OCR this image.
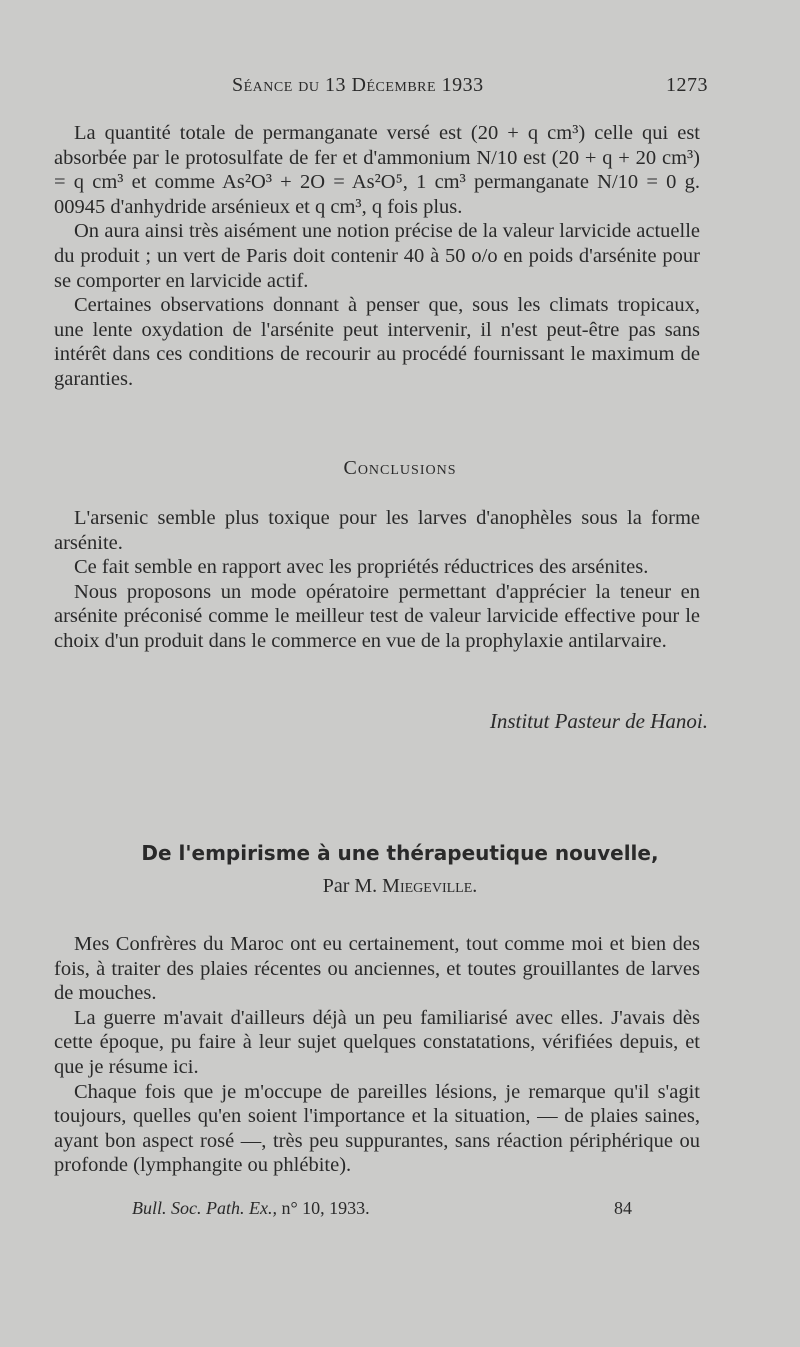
Séance du 13 Décembre 1933	1273

La quantité totale de permanganate versé est (20 + q cm³) celle qui est absorbée par le protosulfate de fer et d'ammonium N/10 est (20 + q + 20 cm³) = q cm³ et comme As²O³ + 2O = As²O⁵, 1 cm³ permanganate N/10 = 0 g. 00945 d'anhydride arsénieux et q cm³, q fois plus.

On aura ainsi très aisément une notion précise de la valeur larvicide actuelle du produit ; un vert de Paris doit contenir 40 à 50 o/o en poids d'arsénite pour se comporter en larvicide actif.

Certaines observations donnant à penser que, sous les climats tropicaux, une lente oxydation de l'arsénite peut intervenir, il n'est peut-être pas sans intérêt dans ces conditions de recourir au procédé fournissant le maximum de garanties.

Conclusions

L'arsenic semble plus toxique pour les larves d'anophèles sous la forme arsénite.

Ce fait semble en rapport avec les propriétés réductrices des arsénites.

Nous proposons un mode opératoire permettant d'apprécier la teneur en arsénite préconisé comme le meilleur test de valeur larvicide effective pour le choix d'un produit dans le commerce en vue de la prophylaxie antilarvaire.

Institut Pasteur de Hanoi.
De l'empirisme à une thérapeutique nouvelle,
Par M. Miegeville.

Mes Confrères du Maroc ont eu certainement, tout comme moi et bien des fois, à traiter des plaies récentes ou anciennes, et toutes grouillantes de larves de mouches.

La guerre m'avait d'ailleurs déjà un peu familiarisé avec elles. J'avais dès cette époque, pu faire à leur sujet quelques constatations, vérifiées depuis, et que je résume ici.

Chaque fois que je m'occupe de pareilles lésions, je remarque qu'il s'agit toujours, quelles qu'en soient l'importance et la situation, — de plaies saines, ayant bon aspect rosé —, très peu suppurantes, sans réaction périphérique ou profonde (lymphangite ou phlébite).

Bull. Soc. Path. Ex., n° 10, 1933.	84
